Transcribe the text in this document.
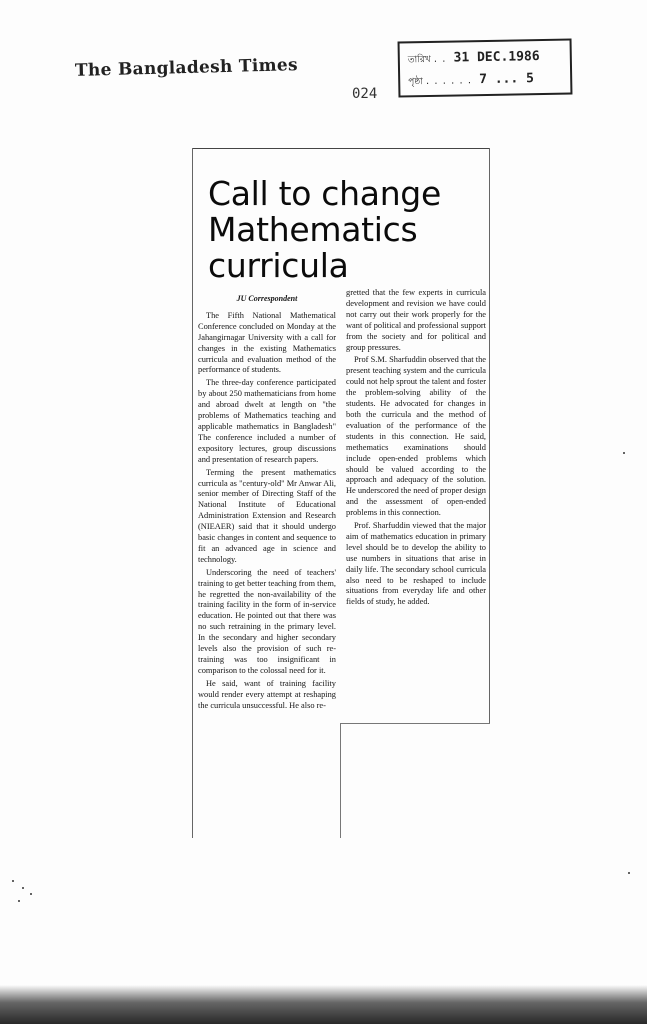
The Bangladesh Times
024
তারিখ . . 31 DEC.1986
পৃষ্ঠা . . . . . . 7 ... 5
Call to change Mathematics curricula
JU Correspondent

The Fifth National Mathematical Conference concluded on Monday at the Jahangirnagar University with a call for changes in the existing Mathematics curricula and evaluation method of the performance of students.

The three-day conference participated by about 250 mathematicians from home and abroad dwelt at length on "the problems of Mathematics teaching and applicable mathematics in Bangladesh" The conference included a number of expository lectures, group discussions and presentation of research papers.

Terming the present mathematics curricula as "century-old" Mr Anwar Ali, senior member of Directing Staff of the National Institute of Educational Administration Extension and Research (NIEAER) said that it should undergo basic changes in content and sequence to fit an advanced age in science and technology.

Underscoring the need of teachers' training to get better teaching from them, he regretted the non-availability of the training facility in the form of in-service education. He pointed out that there was no such retraining in the primary level. In the secondary and higher secondary levels also the provision of such re-training was too insignificant in comparison to the colossal need for it.

He said, want of training facility would render every attempt at reshaping the curricula unsuccessful. He also re-

gretted that the few experts in curricula development and revision we have could not carry out their work properly for the want of political and professional support from the society and for political and group pressures.

Prof S.M. Sharfuddin observed that the present teaching system and the curricula could not help sprout the talent and foster the problem-solving ability of the students. He advocated for changes in both the curricula and the method of evaluation of the performance of the students in this connection. He said, methematics examinations should include open-ended problems which should be valued according to the approach and adequacy of the solution. He underscored the need of proper design and the assessment of open-ended problems in this connection.

Prof. Sharfuddin viewed that the major aim of mathematics education in primary level should be to develop the ability to use numbers in situations that arise in daily life. The secondary school curricula also need to be reshaped to include situations from everyday life and other fields of study, he added.
